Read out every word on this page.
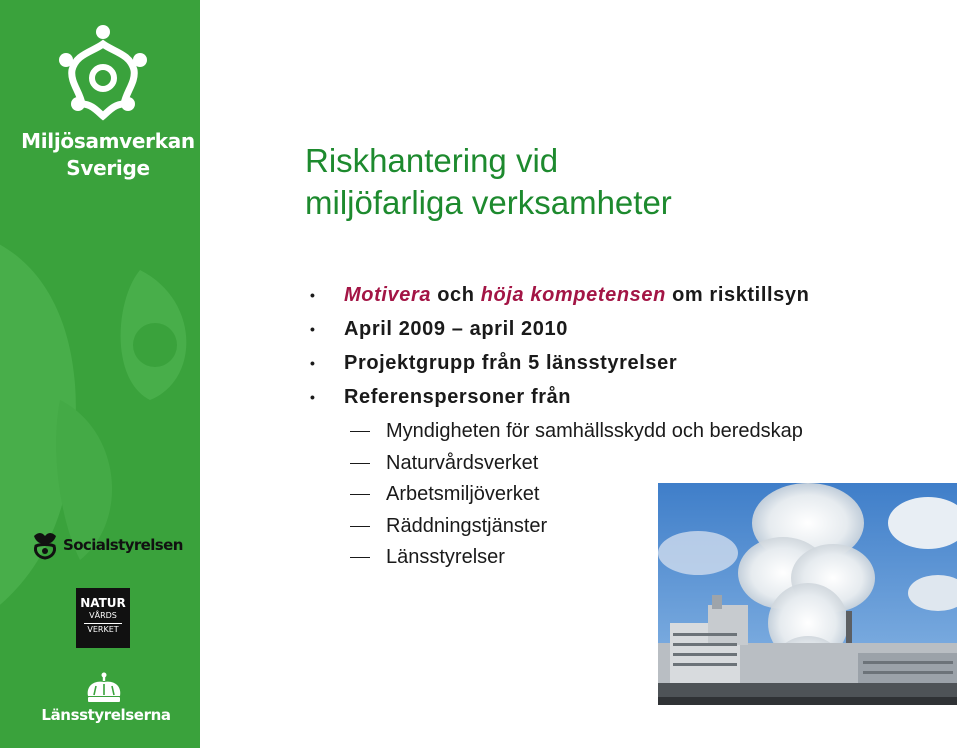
Miljösamverkan
Sverige
Socialstyrelsen
NATUR
VÅRDS
VERKET
Länsstyrelserna
Riskhantering vid
miljöfarliga verksamheter
• Motivera och höja kompetensen om risktillsyn
• April 2009 – april 2010
• Projektgrupp från 5 länsstyrelser
• Referenspersoner från
Myndigheten för samhällsskydd och beredskap
Naturvårdsverket
Arbetsmiljöverket
Räddningstjänster
Länsstyrelser
